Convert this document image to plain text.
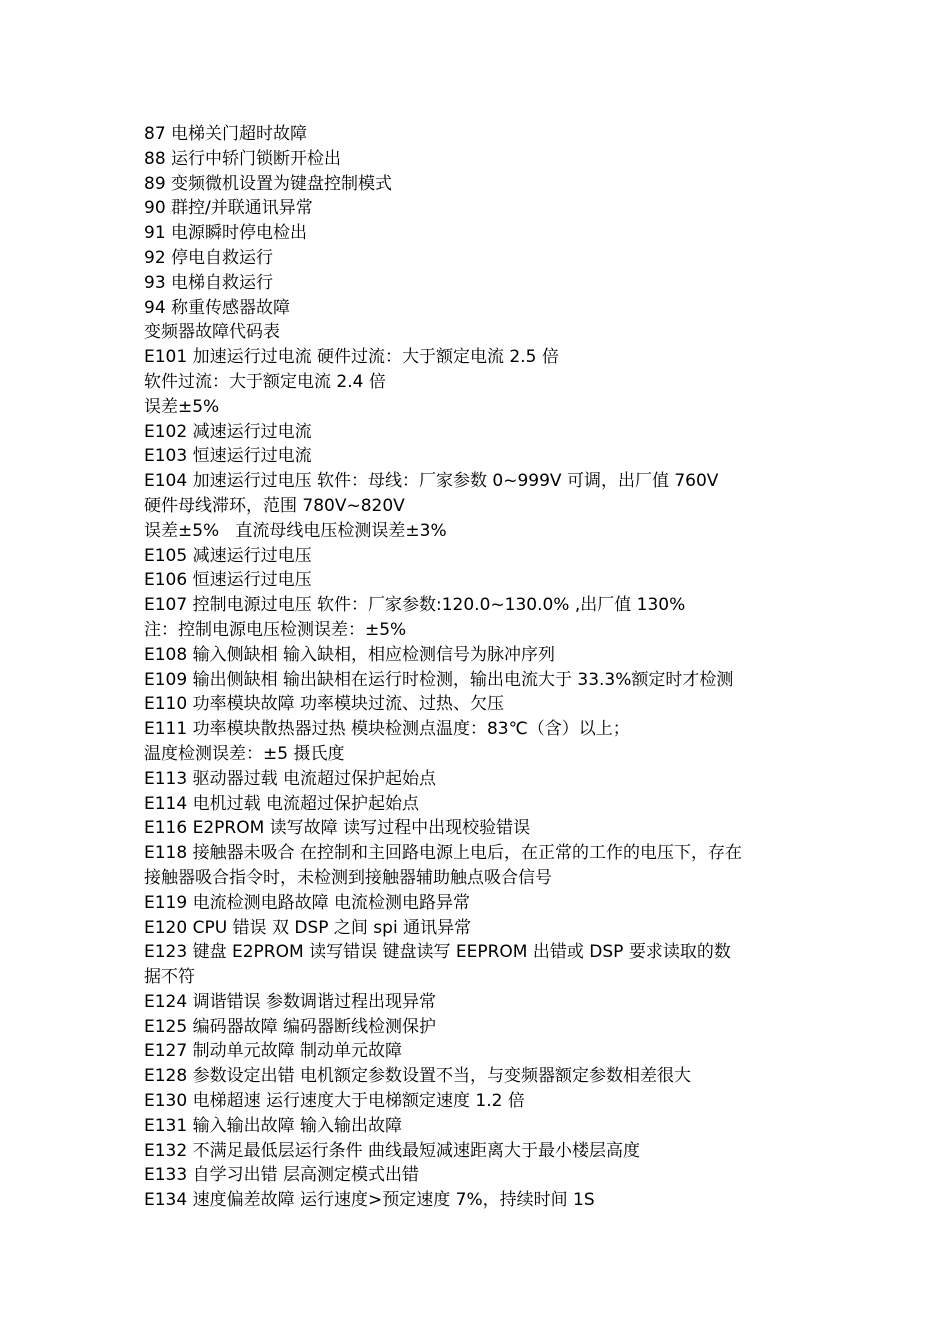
87 电梯关门超时故障
88 运行中轿门锁断开检出
89 变频微机设置为键盘控制模式
90 群控/并联通讯异常
91 电源瞬时停电检出
92 停电自救运行
93 电梯自救运行
94 称重传感器故障
变频器故障代码表
E101 加速运行过电流 硬件过流：大于额定电流 2.5 倍
软件过流：大于额定电流 2.4 倍
误差±5%
E102 减速运行过电流
E103 恒速运行过电流
E104 加速运行过电压 软件：母线：厂家参数 0~999V 可调，出厂值 760V
硬件母线滞环，范围 780V~820V
误差±5%   直流母线电压检测误差±3%
E105 减速运行过电压
E106 恒速运行过电压
E107 控制电源过电压 软件：厂家参数:120.0~130.0% ,出厂值 130%
注：控制电源电压检测误差：±5%
E108 输入侧缺相 输入缺相，相应检测信号为脉冲序列
E109 输出侧缺相 输出缺相在运行时检测，输出电流大于 33.3%额定时才检测
E110 功率模块故障 功率模块过流、过热、欠压
E111 功率模块散热器过热 模块检测点温度：83℃（含）以上；
温度检测误差：±5 摄氏度
E113 驱动器过载 电流超过保护起始点
E114 电机过载 电流超过保护起始点
E116 E2PROM 读写故障 读写过程中出现校验错误
E118 接触器未吸合 在控制和主回路电源上电后，在正常的工作的电压下，存在
接触器吸合指令时，未检测到接触器辅助触点吸合信号
E119 电流检测电路故障 电流检测电路异常
E120 CPU 错误 双 DSP 之间 spi 通讯异常
E123 键盘 E2PROM 读写错误 键盘读写 EEPROM 出错或 DSP 要求读取的数
据不符
E124 调谐错误 参数调谐过程出现异常
E125 编码器故障 编码器断线检测保护
E127 制动单元故障 制动单元故障
E128 参数设定出错 电机额定参数设置不当，与变频器额定参数相差很大
E130 电梯超速 运行速度大于电梯额定速度 1.2 倍
E131 输入输出故障 输入输出故障
E132 不满足最低层运行条件 曲线最短减速距离大于最小楼层高度
E133 自学习出错 层高测定模式出错
E134 速度偏差故障 运行速度>预定速度 7%，持续时间 1S
